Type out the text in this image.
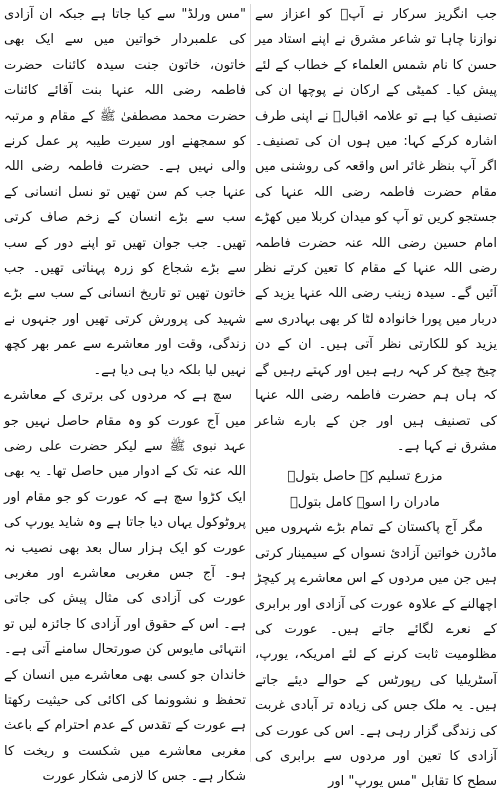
جب انگریز سرکار نے آپؒ کو اعزاز سے نوازنا چاہا تو شاعر مشرق نے اپنے استاد میر حسن کا نام شمس العلماء کے خطاب کے لئے پیش کیا۔ کمیٹی کے ارکان نے پوچھا ان کی تصنیف کیا ہے تو علامہ اقبالؒ نے اپنی طرف اشارہ کرکے کہا: میں ہوں ان کی تصنیف۔ اگر آپ بنظر غائر اس واقعہ کی روشنی میں مقام حضرت فاطمہ رضی اللہ عنہا کی جستجو کریں تو آپ کو میدان کربلا میں کھڑے امام حسین رضی اللہ عنہ حضرت فاطمہ رضی اللہ عنہا کے مقام کا تعین کرتے نظر آئیں گے۔ سیدہ زینب رضی اللہ عنہا یزید کے دربار میں پورا خانوادہ لٹا کر بھی بہادری سے یزید کو للکارتی نظر آتی ہیں۔ ان کے دن چیخ چیخ کر کہہ رہے ہیں اور کہتے رہیں گے کہ ہاں ہم حضرت فاطمہ رضی اللہ عنہا کی تصنیف ہیں اور جن کے بارے شاعر مشرق نے کہا ہے۔

مزرع تسلیم کہ حاصل بتولؓ

مادران را اسوۂ کامل بتولؓ

مگر آج پاکستان کے تمام بڑے شہروں میں ماڈرن خواتین آزادیٔ نسواں کے سیمینار کرتی ہیں جن میں مردوں کے اس معاشرے پر کیچڑ اچھالنے کے علاوہ عورت کی آزادی اور برابری کے نعرے لگائے جاتے ہیں۔ عورت کی مظلومیت ثابت کرنے کے لئے امریکہ، یورپ، آسٹریلیا کی رپورٹس کے حوالے دیئے جاتے ہیں۔ یہ ملک جس کی زیادہ تر آبادی غربت کی زندگی گزار رہی ہے۔ اس کی عورت کی آزادی کا تعین اور مردوں سے برابری کی سطح کا تقابل "مس یورپ" اور

"مس ورلڈ" سے کیا جاتا ہے جبکہ ان آزادی کی علمبردار خواتین میں سے ایک بھی خاتون، خاتون جنت سیدہ کائنات حضرت فاطمہ رضی اللہ عنہا بنت آقائے کائنات حضرت محمد مصطفیٰ ﷺ کے مقام و مرتبہ کو سمجھنے اور سیرت طیبہ پر عمل کرنے والی نہیں ہے۔ حضرت فاطمہ رضی اللہ عنہا جب کم سن تھیں تو نسل انسانی کے سب سے بڑے انسان کے زخم صاف کرتی تھیں۔ جب جوان تھیں تو اپنے دور کے سب سے بڑے شجاع کو زرہ پہناتی تھیں۔ جب خاتون تھیں تو تاریخ انسانی کے سب سے بڑے شہید کی پرورش کرتی تھیں اور جنہوں نے زندگی، وقت اور معاشرے سے عمر بھر کچھ نہیں لیا بلکہ دیا ہی دیا ہے۔

سچ ہے کہ مردوں کی برتری کے معاشرے میں آج عورت کو وہ مقام حاصل نہیں جو عہد نبوی ﷺ سے لیکر حضرت علی رضی اللہ عنہ تک کے ادوار میں حاصل تھا۔ یہ بھی ایک کڑوا سچ ہے کہ عورت کو جو مقام اور پروٹوکول یہاں دیا جاتا ہے وہ شاید یورپ کی عورت کو ایک ہزار سال بعد بھی نصیب نہ ہو۔ آج جس مغربی معاشرے اور مغربی عورت کی آزادی کی مثال پیش کی جاتی ہے۔ اس کے حقوق اور آزادی کا جائزہ لیں تو انتہائی مایوس کن صورتحال سامنے آتی ہے۔ خاندان جو کسی بھی معاشرے میں انسان کے تحفظ و نشوونما کی اکائی کی حیثیت رکھتا ہے عورت کے تقدس کے عدم احترام کے باعث مغربی معاشرے میں شکست و ریخت کا شکار ہے۔ جس کا لازمی شکار عورت
